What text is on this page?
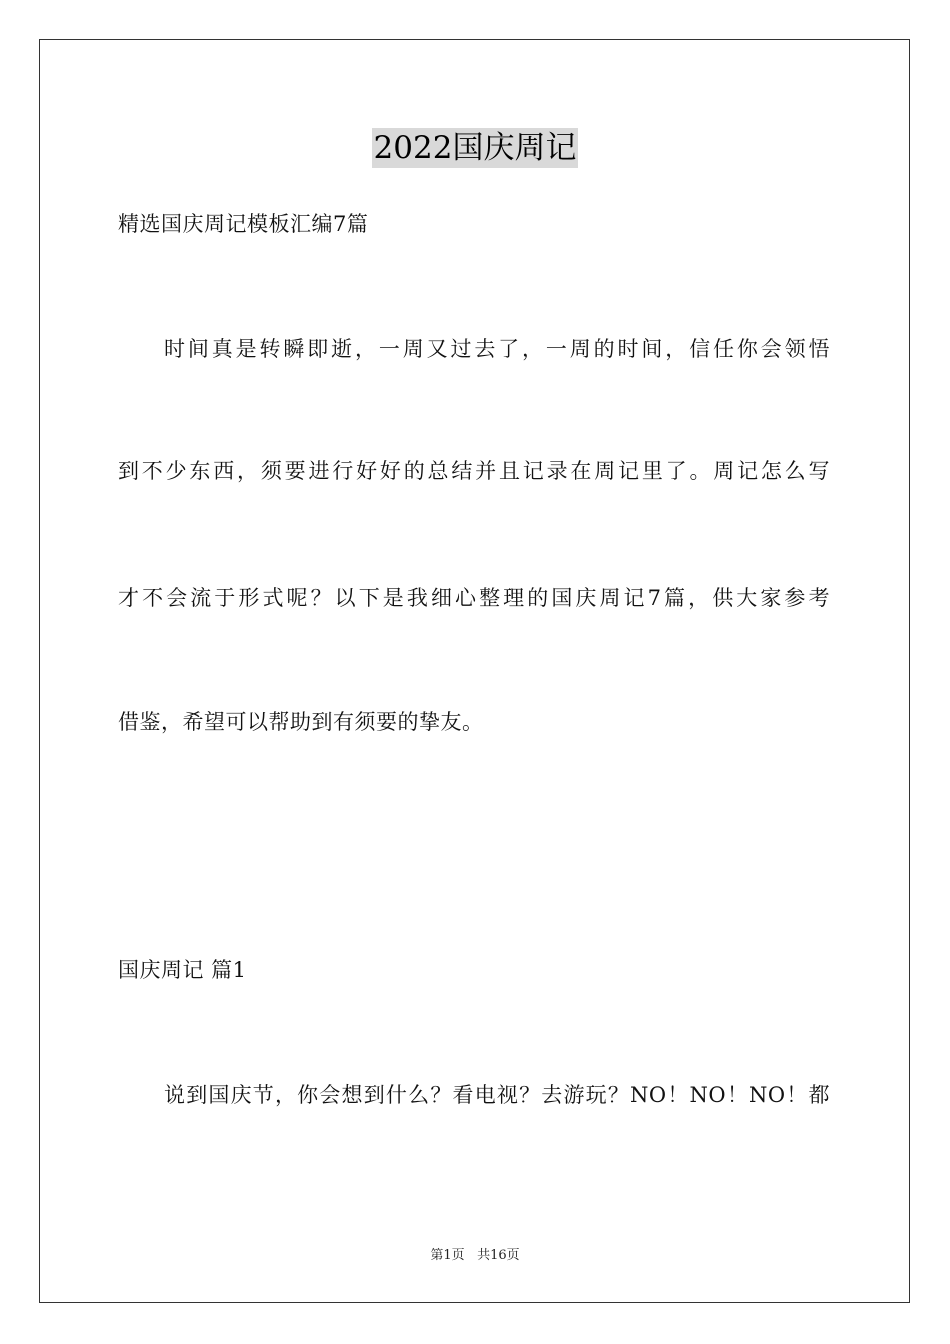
2022国庆周记
精选国庆周记模板汇编7篇
时间真是转瞬即逝，一周又过去了，一周的时间，信任你会领悟
到不少东西，须要进行好好的总结并且记录在周记里了。周记怎么写
才不会流于形式呢？以下是我细心整理的国庆周记7篇，供大家参考
借鉴，希望可以帮助到有须要的挚友。
国庆周记 篇1
说到国庆节，你会想到什么？看电视？去游玩？NO！NO！NO！都
第1页 共16页
